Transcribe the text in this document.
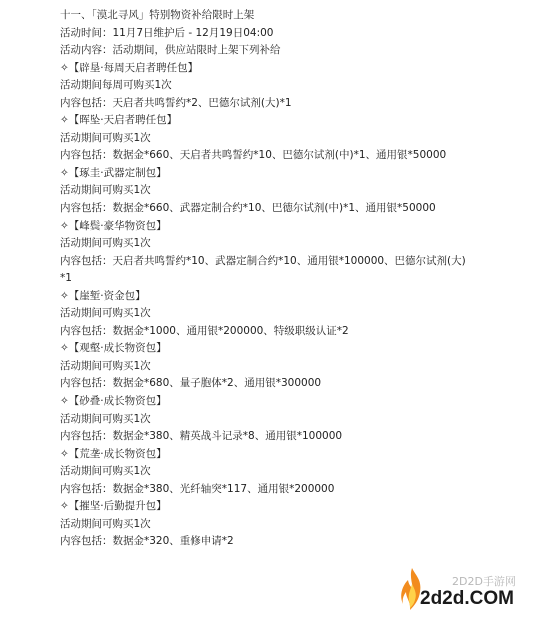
十一、「漠北寻风」特别物资补给限时上架
活动时间：11月7日维护后 - 12月19日04:00
活动内容：活动期间，供应站限时上架下列补给
✧【辟垦·每周天启者聘任包】
活动期间每周可购买1次
内容包括：天启者共鸣誓约*2、巴德尔试剂(大)*1
✧【晖坠·天启者聘任包】
活动期间可购买1次
内容包括：数据金*660、天启者共鸣誓约*10、巴德尔试剂(中)*1、通用银*50000
✧【琢圭·武器定制包】
活动期间可购买1次
内容包括：数据金*660、武器定制合约*10、巴德尔试剂(中)*1、通用银*50000
✧【峰鬓·豪华物资包】
活动期间可购买1次
内容包括：天启者共鸣誓约*10、武器定制合约*10、通用银*100000、巴德尔试剂(大)
*1
✧【崖堑·资金包】
活动期间可购买1次
内容包括：数据金*1000、通用银*200000、特级职级认证*2
✧【观壑·成长物资包】
活动期间可购买1次
内容包括：数据金*680、量子胞体*2、通用银*300000
✧【砂叠·成长物资包】
活动期间可购买1次
内容包括：数据金*380、精英战斗记录*8、通用银*100000
✧【荒垄·成长物资包】
活动期间可购买1次
内容包括：数据金*380、光纤轴突*117、通用银*200000
✧【摧坚·后勤提升包】
活动期间可购买1次
内容包括：数据金*320、重修申请*2
2D2D手游网
2d2d.COM
